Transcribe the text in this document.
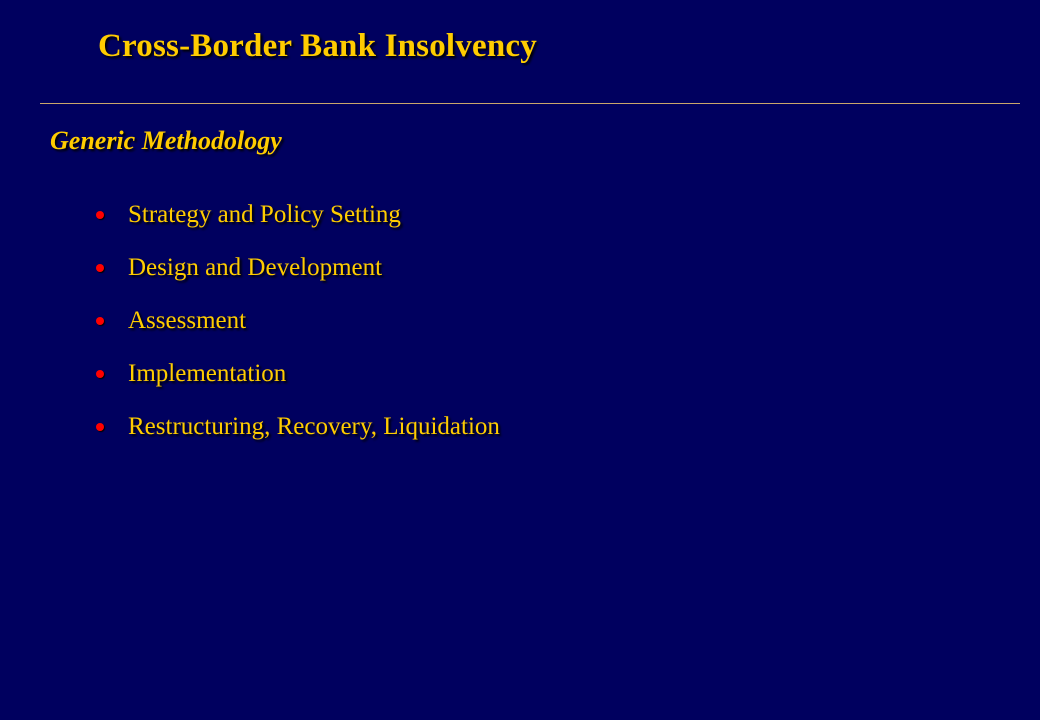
Cross-Border Bank Insolvency
Generic Methodology
Strategy and Policy Setting
Design and Development
Assessment
Implementation
Restructuring, Recovery, Liquidation
